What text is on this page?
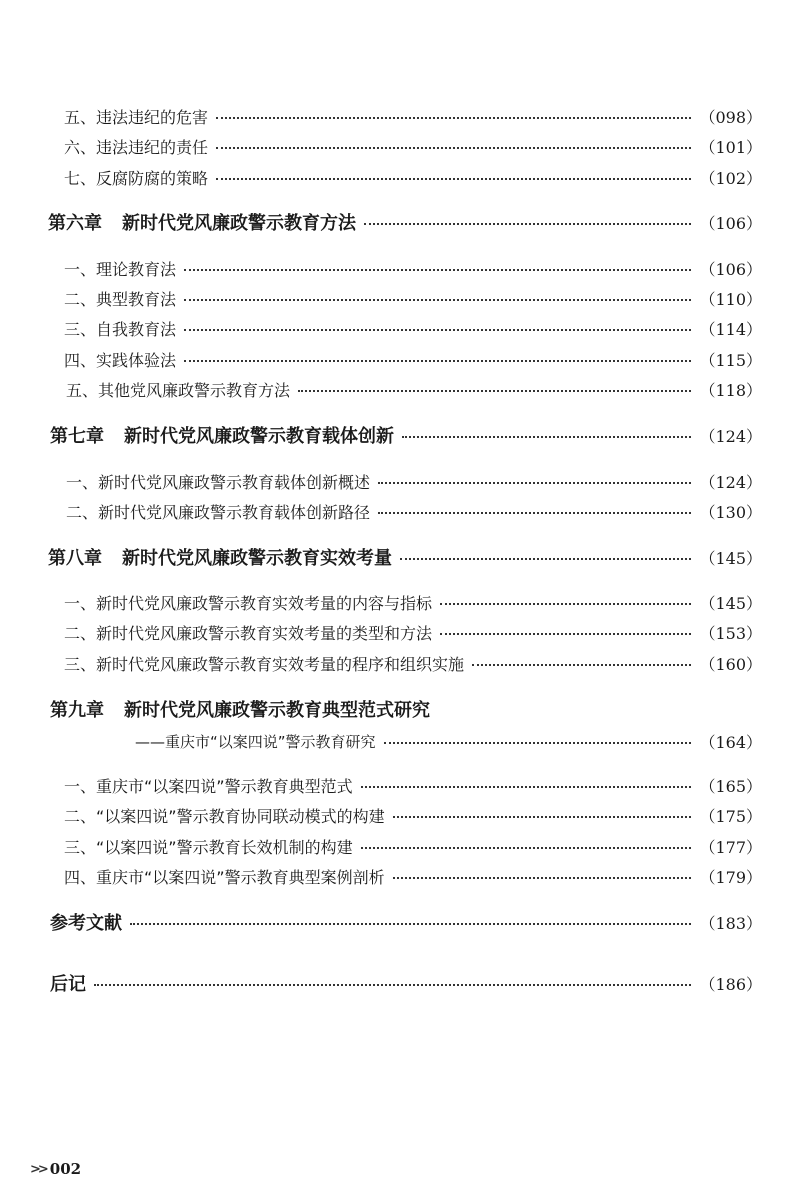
五、违法违纪的危害	（098）
六、违法违纪的责任	（101）
七、反腐防腐的策略	（102）
第六章 新时代党风廉政警示教育方法	（106）
一、理论教育法	（106）
二、典型教育法	（110）
三、自我教育法	（114）
四、实践体验法	（115）
五、其他党风廉政警示教育方法	（118）
第七章 新时代党风廉政警示教育载体创新	（124）
一、新时代党风廉政警示教育载体创新概述	（124）
二、新时代党风廉政警示教育载体创新路径	（130）
第八章 新时代党风廉政警示教育实效考量	（145）
一、新时代党风廉政警示教育实效考量的内容与指标	（145）
二、新时代党风廉政警示教育实效考量的类型和方法	（153）
三、新时代党风廉政警示教育实效考量的程序和组织实施	（160）
第九章 新时代党风廉政警示教育典型范式研究
——重庆市“以案四说”警示教育研究	（164）
一、重庆市“以案四说”警示教育典型范式	（165）
二、“以案四说”警示教育协同联动模式的构建	（175）
三、“以案四说”警示教育长效机制的构建	（177）
四、重庆市“以案四说”警示教育典型案例剖析	（179）
参考文献	（183）
后记	（186）
>> 002
